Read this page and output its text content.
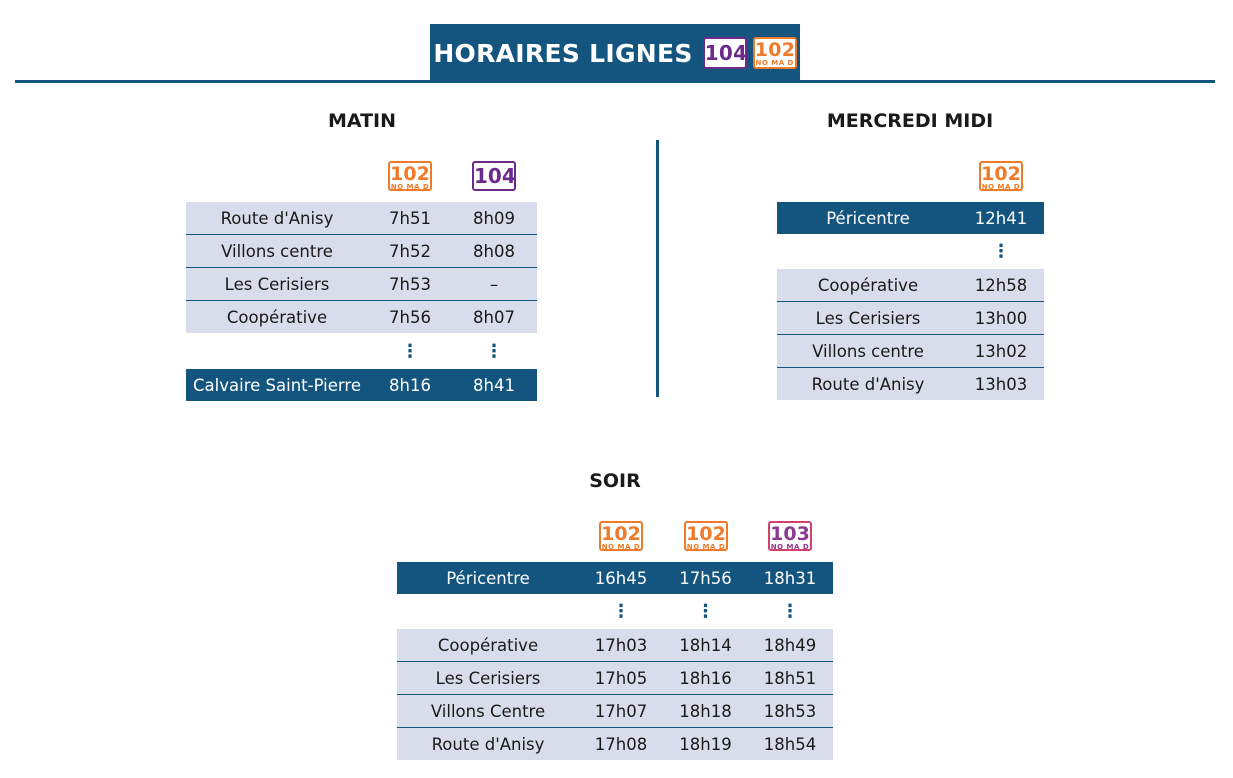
HORAIRES LIGNES 104 102
NO MA D
MATIN
102
NO MA D 104
Route d'Anisy	7h51	8h09
Villons centre	7h52	8h08
Les Cerisiers	7h53	–
Coopérative	7h56	8h07
⋮	⋮
Calvaire Saint-Pierre	8h16	8h41
MERCREDI MIDI
102
NO MA D
Péricentre	12h41
⋮
Coopérative	12h58
Les Cerisiers	13h00
Villons centre	13h02
Route d'Anisy	13h03
SOIR
102
NO MA D
102
NO MA D
103
NO MA D
Péricentre	16h45	17h56	18h31
⋮	⋮	⋮
Coopérative	17h03	18h14	18h49
Les Cerisiers	17h05	18h16	18h51
Villons Centre	17h07	18h18	18h53
Route d'Anisy	17h08	18h19	18h54
